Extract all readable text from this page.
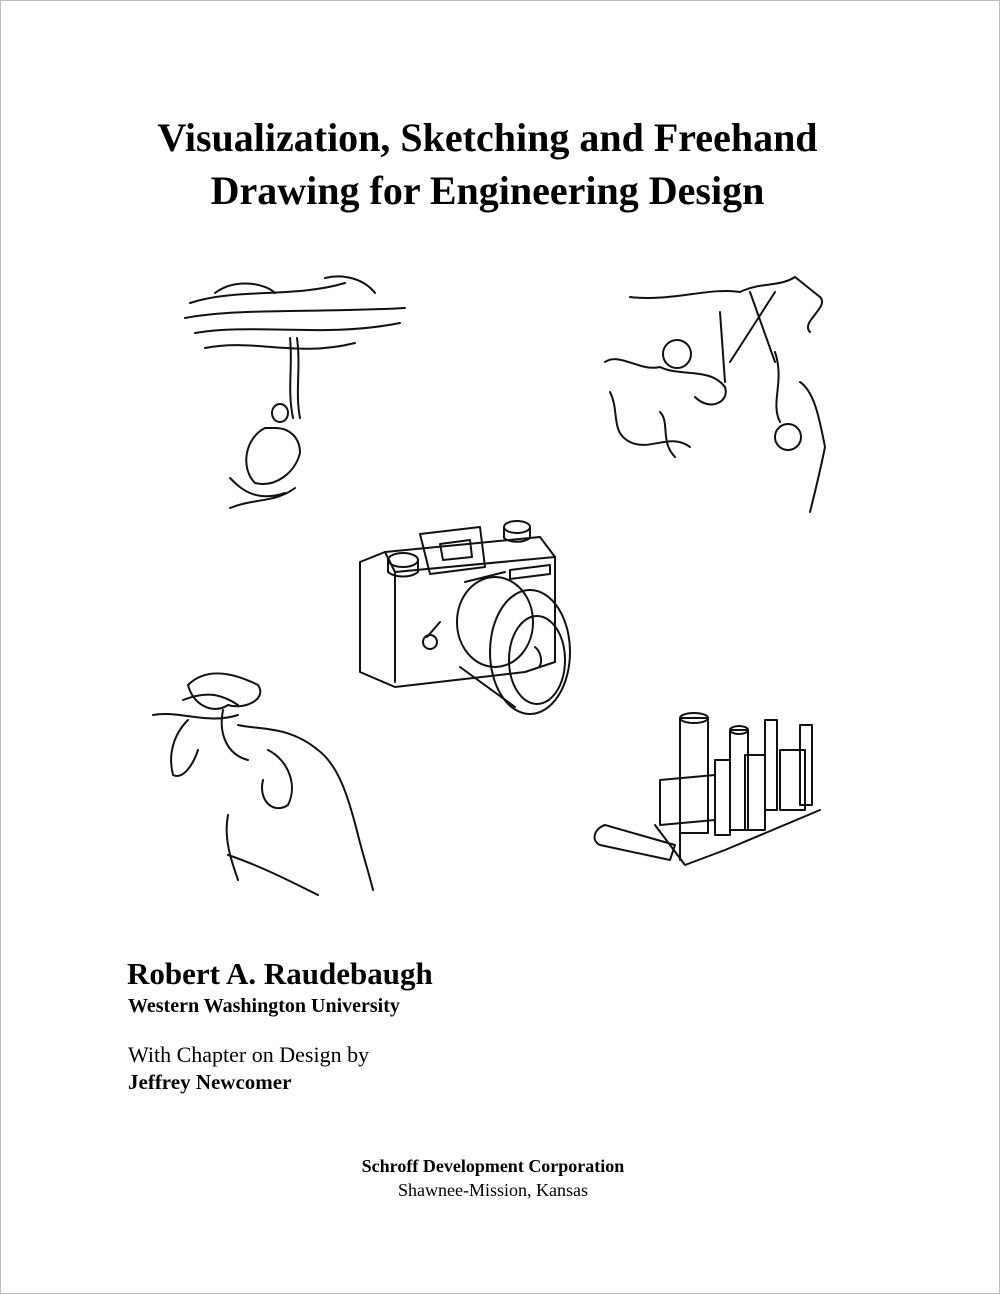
Visualization, Sketching and Freehand
Drawing for Engineering Design
Robert A. Raudebaugh
Western Washington University
With Chapter on Design by
Jeffrey Newcomer
Schroff Development Corporation
Shawnee-Mission, Kansas
